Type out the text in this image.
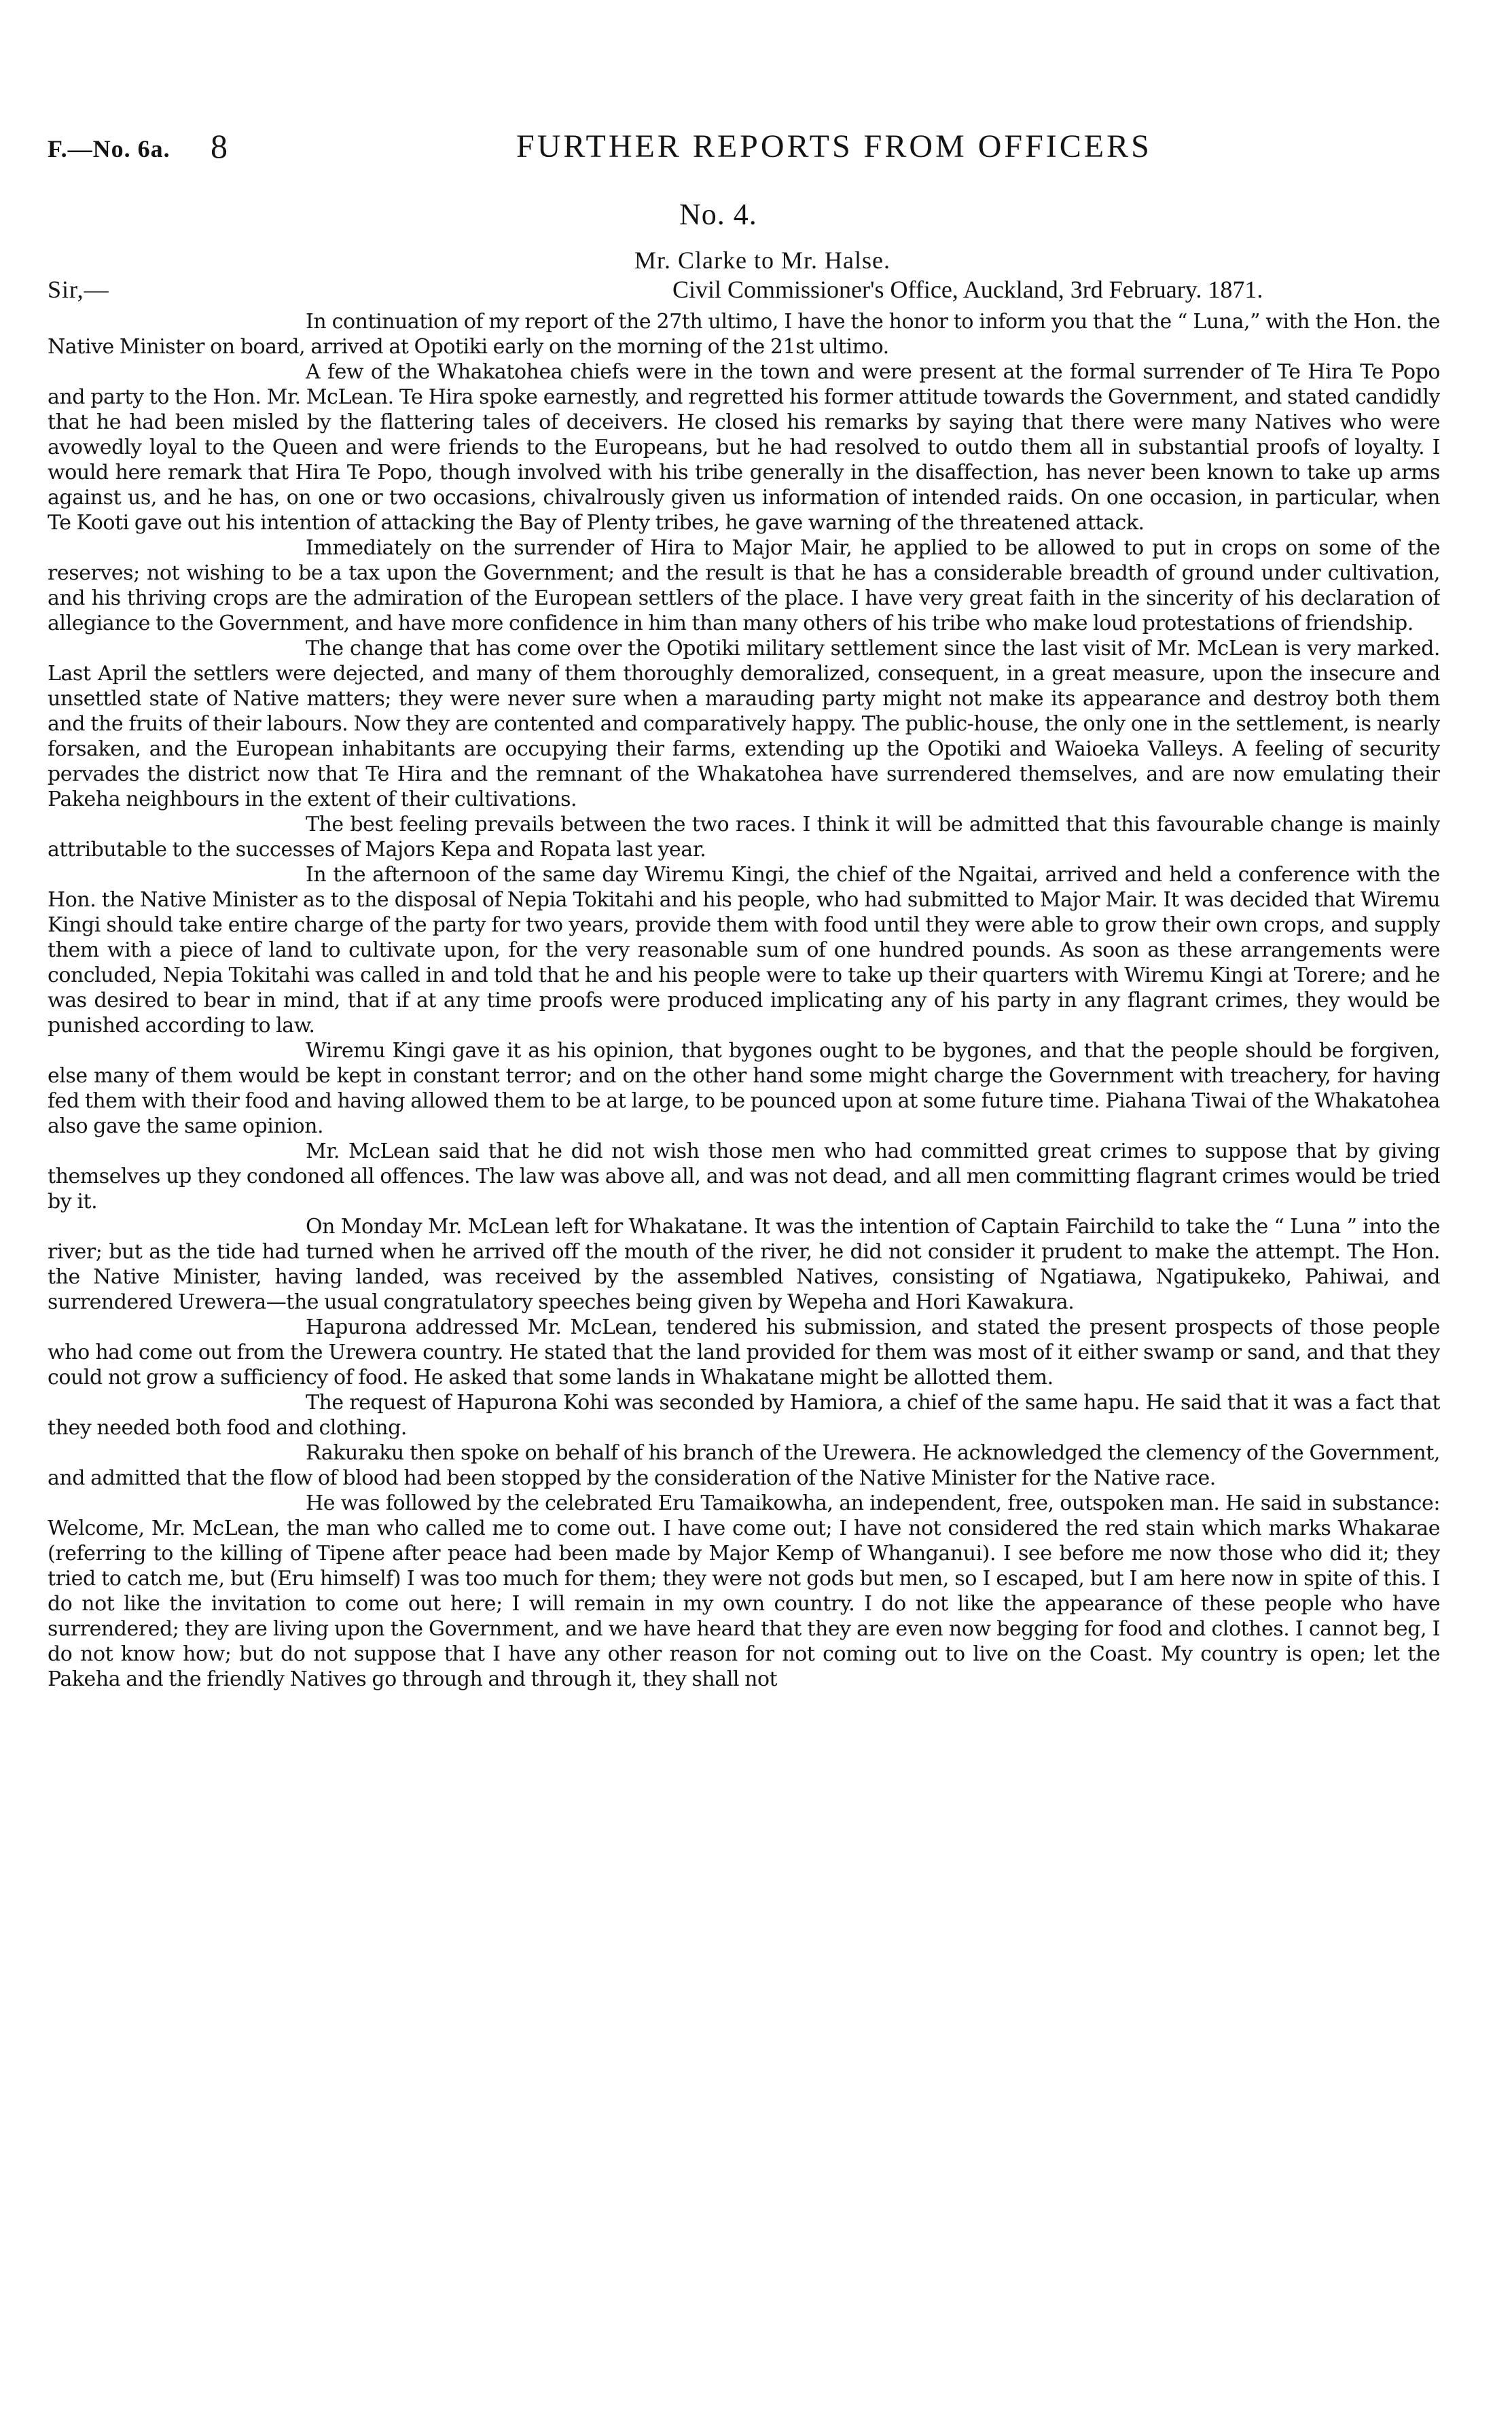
F.—No. 6a. 8	FURTHER REPORTS FROM OFFICERS
No. 4.
Mr. Clarke to Mr. Halse.
Sir,—	Civil Commissioner's Office, Auckland, 3rd February. 1871.

In continuation of my report of the 27th ultimo, I have the honor to inform you that the “ Luna,” with the Hon. the Native Minister on board, arrived at Opotiki early on the morning of the 21st ultimo.

A few of the Whakatohea chiefs were in the town and were present at the formal surrender of Te Hira Te Popo and party to the Hon. Mr. McLean. Te Hira spoke earnestly, and regretted his former attitude towards the Government, and stated candidly that he had been misled by the flattering tales of deceivers. He closed his remarks by saying that there were many Natives who were avowedly loyal to the Queen and were friends to the Europeans, but he had resolved to outdo them all in substantial proofs of loyalty. I would here remark that Hira Te Popo, though involved with his tribe generally in the disaffection, has never been known to take up arms against us, and he has, on one or two occasions, chivalrously given us information of intended raids. On one occasion, in particular, when Te Kooti gave out his intention of attacking the Bay of Plenty tribes, he gave warning of the threatened attack.

Immediately on the surrender of Hira to Major Mair, he applied to be allowed to put in crops on some of the reserves; not wishing to be a tax upon the Government; and the result is that he has a considerable breadth of ground under cultivation, and his thriving crops are the admiration of the European settlers of the place. I have very great faith in the sincerity of his declaration of allegiance to the Government, and have more confidence in him than many others of his tribe who make loud protestations of friendship.

The change that has come over the Opotiki military settlement since the last visit of Mr. McLean is very marked. Last April the settlers were dejected, and many of them thoroughly demoralized, consequent, in a great measure, upon the insecure and unsettled state of Native matters; they were never sure when a marauding party might not make its appearance and destroy both them and the fruits of their labours. Now they are contented and comparatively happy. The public-house, the only one in the settlement, is nearly forsaken, and the European inhabitants are occupying their farms, extending up the Opotiki and Waioeka Valleys. A feeling of security pervades the district now that Te Hira and the remnant of the Whakatohea have surrendered themselves, and are now emulating their Pakeha neighbours in the extent of their cultivations.

The best feeling prevails between the two races. I think it will be admitted that this favourable change is mainly attributable to the successes of Majors Kepa and Ropata last year.

In the afternoon of the same day Wiremu Kingi, the chief of the Ngaitai, arrived and held a conference with the Hon. the Native Minister as to the disposal of Nepia Tokitahi and his people, who had submitted to Major Mair. It was decided that Wiremu Kingi should take entire charge of the party for two years, provide them with food until they were able to grow their own crops, and supply them with a piece of land to cultivate upon, for the very reasonable sum of one hundred pounds. As soon as these arrangements were concluded, Nepia Tokitahi was called in and told that he and his people were to take up their quarters with Wiremu Kingi at Torere; and he was desired to bear in mind, that if at any time proofs were produced implicating any of his party in any flagrant crimes, they would be punished according to law.

Wiremu Kingi gave it as his opinion, that bygones ought to be bygones, and that the people should be forgiven, else many of them would be kept in constant terror; and on the other hand some might charge the Government with treachery, for having fed them with their food and having allowed them to be at large, to be pounced upon at some future time. Piahana Tiwai of the Whakatohea also gave the same opinion.

Mr. McLean said that he did not wish those men who had committed great crimes to suppose that by giving themselves up they condoned all offences. The law was above all, and was not dead, and all men committing flagrant crimes would be tried by it.

On Monday Mr. McLean left for Whakatane. It was the intention of Captain Fairchild to take the “ Luna ” into the river; but as the tide had turned when he arrived off the mouth of the river, he did not consider it prudent to make the attempt. The Hon. the Native Minister, having landed, was received by the assembled Natives, consisting of Ngatiawa, Ngatipukeko, Pahiwai, and surrendered Urewera—the usual congratulatory speeches being given by Wepeha and Hori Kawakura.

Hapurona addressed Mr. McLean, tendered his submission, and stated the present prospects of those people who had come out from the Urewera country. He stated that the land provided for them was most of it either swamp or sand, and that they could not grow a sufficiency of food. He asked that some lands in Whakatane might be allotted them.

The request of Hapurona Kohi was seconded by Hamiora, a chief of the same hapu. He said that it was a fact that they needed both food and clothing.

Rakuraku then spoke on behalf of his branch of the Urewera. He acknowledged the clemency of the Government, and admitted that the flow of blood had been stopped by the consideration of the Native Minister for the Native race.

He was followed by the celebrated Eru Tamaikowha, an independent, free, outspoken man. He said in substance: Welcome, Mr. McLean, the man who called me to come out. I have come out; I have not considered the red stain which marks Whakarae (referring to the killing of Tipene after peace had been made by Major Kemp of Whanganui). I see before me now those who did it; they tried to catch me, but (Eru himself) I was too much for them; they were not gods but men, so I escaped, but I am here now in spite of this. I do not like the invitation to come out here; I will remain in my own country. I do not like the appearance of these people who have surrendered; they are living upon the Government, and we have heard that they are even now begging for food and clothes. I cannot beg, I do not know how; but do not suppose that I have any other reason for not coming out to live on the Coast. My country is open; let the Pakeha and the friendly Natives go through and through it, they shall not
